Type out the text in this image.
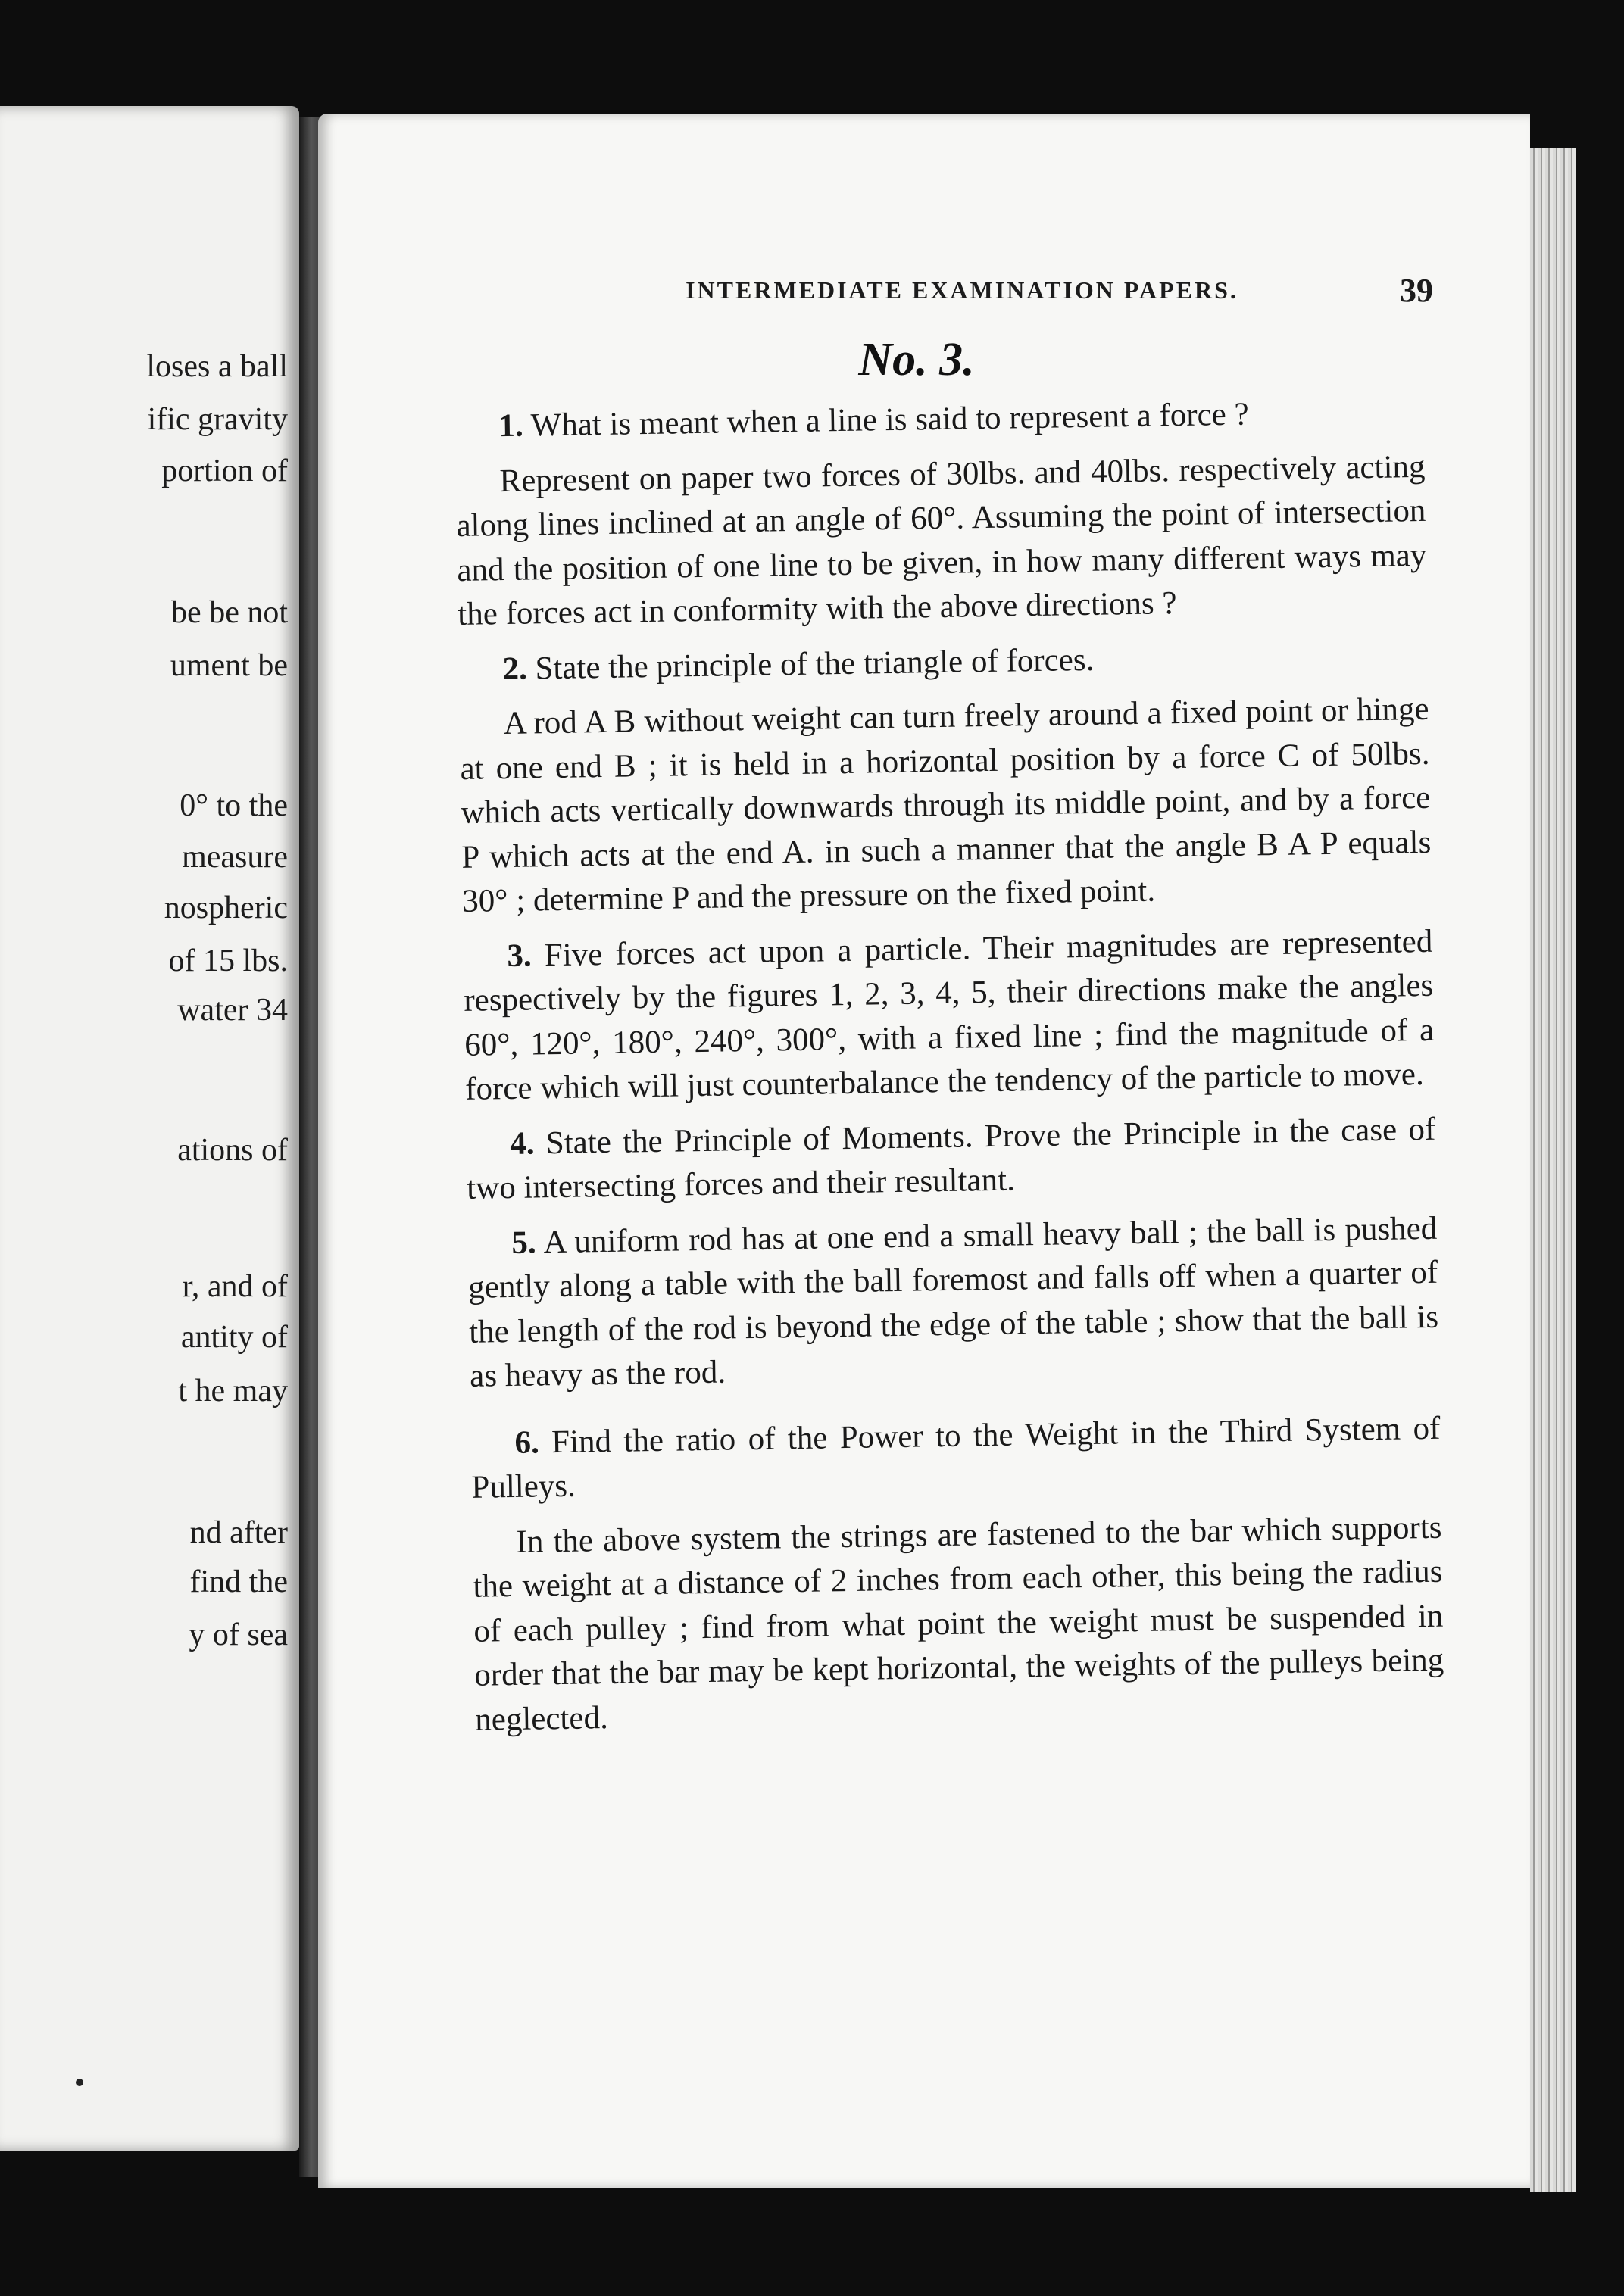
loses a ball
ific gravity
portion of
be be not
ument be
0° to the
measure
nospheric
of 15 lbs.
water 34
ations of
r, and of
antity of
t he may
nd after
find the
y of sea
INTERMEDIATE EXAMINATION PAPERS.	39
No. 3.

1. What is meant when a line is said to represent a force ?

Represent on paper two forces of 30lbs. and 40lbs. respectively acting along lines inclined at an angle of 60°. Assuming the point of intersection and the position of one line to be given, in how many different ways may the forces act in conformity with the above directions ?

2. State the principle of the triangle of forces.

A rod A B without weight can turn freely around a fixed point or hinge at one end B ; it is held in a horizontal position by a force C of 50lbs. which acts vertically downwards through its middle point, and by a force P which acts at the end A. in such a manner that the angle B A P equals 30° ; determine P and the pressure on the fixed point.

3. Five forces act upon a particle. Their magnitudes are represented respectively by the figures 1, 2, 3, 4, 5, their directions make the angles 60°, 120°, 180°, 240°, 300°, with a fixed line ; find the magnitude of a force which will just counterbalance the tendency of the particle to move.

4. State the Principle of Moments. Prove the Principle in the case of two intersecting forces and their resultant.

5. A uniform rod has at one end a small heavy ball ; the ball is pushed gently along a table with the ball foremost and falls off when a quarter of the length of the rod is beyond the edge of the table ; show that the ball is as heavy as the rod.

6. Find the ratio of the Power to the Weight in the Third System of Pulleys.

In the above system the strings are fastened to the bar which supports the weight at a distance of 2 inches from each other, this being the radius of each pulley ; find from what point the weight must be suspended in order that the bar may be kept horizontal, the weights of the pulleys being neglected.
